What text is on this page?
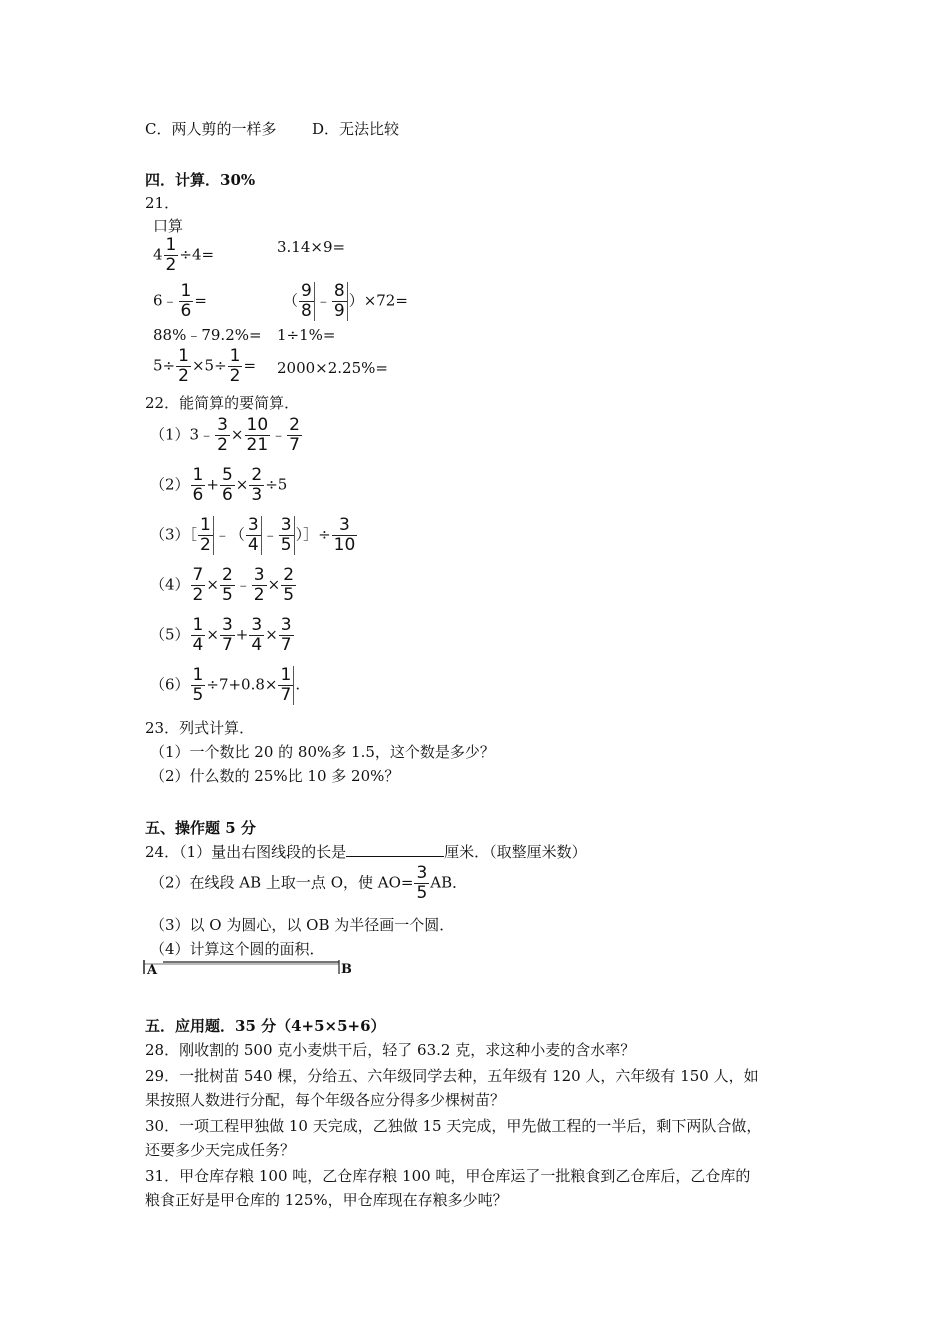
C．两人剪的一样多 D．无法比较
四．计算．30%
21．
口算
$4 \frac{1}{2} \div 4=$	3.14×9=
6﹣ $\frac{1}{6}$ =	（ $\frac{9}{8}$ ﹣ $\frac{8}{9} )\times 72=$
88%﹣79.2%= 1÷1%=
$5\div \frac{1}{2} \times 5\div \frac{1}{2} = 2000\times 2.25\%=$
22．能简算的要简算．
（1）3﹣ $\frac{3}{2} \times \frac{10}{21}$ ﹣ $\frac{2}{7}$
$(2) \frac{1}{6} + \frac{5}{6} \times \frac{2}{3} \div 5$
（3）［ $\frac{1}{2}$ ﹣（ $\frac{3}{4}$ ﹣ $\frac{3}{5}$ ）］÷ $\frac{3}{10}$
$(4) \frac{7}{2} \times \frac{2}{5}$ ﹣ $\frac{3}{2} \times \frac{2}{5}$
$(5) \frac{1}{4} \times \frac{3}{7} + \frac{3}{4} \times \frac{3}{7}$
$(6) \frac{1}{5} \div 7+0.8\times \frac{1}{7}$ .
23．列式计算．
（1）一个数比 20 的 80%多 1.5，这个数是多少？
（2）什么数的 25%比 10 多 20%？
五、操作题 5 分
24．（1）量出右图线段的长是	厘米．（取整厘米数）
（2）在线段 AB 上取一点 O，使 $AO= \frac{3}{5}$ AB．
（3）以 O 为圆心，以 OB 为半径画一个圆．
（4）计算这个圆的面积．
A	B
五．应用题．35 分（4+5×5+6）
28．刚收割的 500 克小麦烘干后，轻了 63.2 克，求这种小麦的含水率？
29．一批树苗 540 棵，分给五、六年级同学去种，五年级有 120 人，六年级有 150 人，如
果按照人数进行分配，每个年级各应分得多少棵树苗？
30．一项工程甲独做 10 天完成，乙独做 15 天完成，甲先做工程的一半后，剩下两队合做，
还要多少天完成任务？
31．甲仓库存粮 100 吨，乙仓库存粮 100 吨，甲仓库运了一批粮食到乙仓库后，乙仓库的
粮食正好是甲仓库的 125%，甲仓库现在存粮多少吨？
